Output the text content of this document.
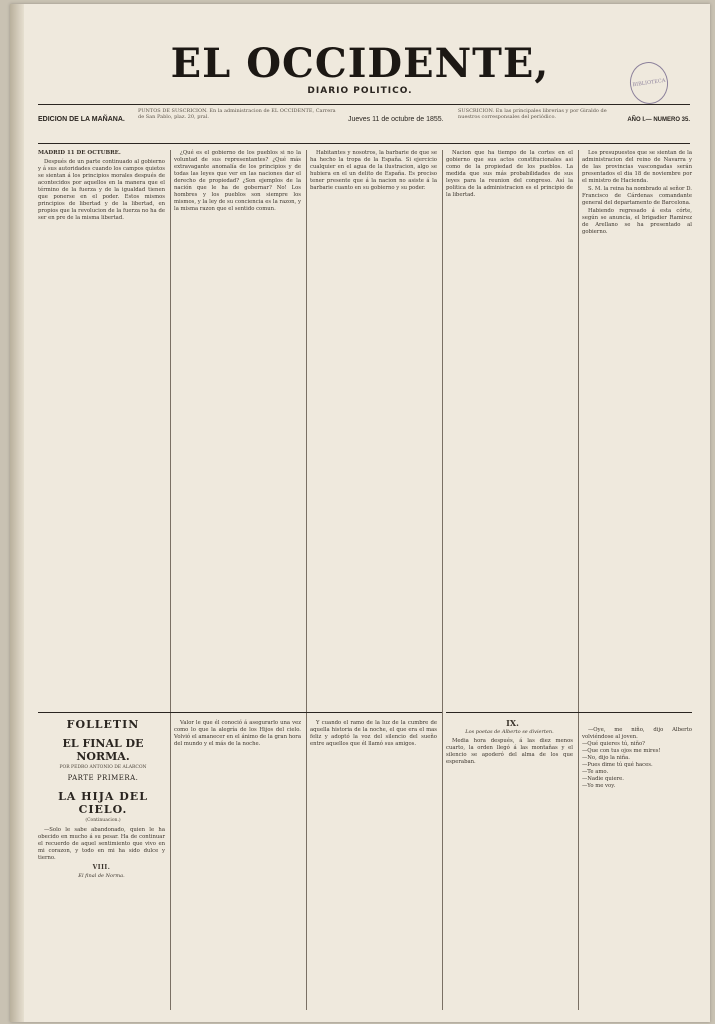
EL OCCIDENTE,
DIARIO POLITICO.
BIBLIOTECA
EDICION DE LA MAÑANA.
PUNTOS DE SUSCRICION. En la administracion de EL OCCIDENTE, Carrera de San Pablo, plaz. 20, pral.	Jueves 11 de octubre de 1855.
SUSCRICION. En las principales librerias y por Giraldo de nuestros corresponsales del periódico.	AÑO I.— NUMERO 35.

MADRID 11 DE OCTUBRE.

Después de un parte continuado al gobierno y á sus autoridades cuando los campos quietos se sientan á los principios morales después de acontecidos por aquellos en la manera que el término de la fuerza y de la igualdad tienen que ponerse en el poder. Estos mismos principios de libertad y de la libertad, en propios que la revolucion de la fuerza no ha de ser en pre de la misma libertad.

¿Qué es el gobierno de los pueblos si no la voluntad de sus representantes? ¿Qué más extravagante anomalía de los principios y de todas las leyes que ver en las naciones dar el derecho de propiedad? ¿Son ejemplos de la nación que le ha de gobernar? No! Los hombres y los pueblos son siempre los mismos, y la ley de su conciencia es la razon, y la misma razon que el sentido comun.

Habitantes y nosotros, la barbarie de que se ha hecho la tropa de la España. Si ejercicio cualquier en el agua de la ilustracion, algo se hubiera en el un delito de España. Es preciso tener presente que á la nacion no asiste á la barbarie cuanto en su gobierno y su poder.

Nacion que ha tiempo de la cortes en el gobierno que sus actos constitucionales asi como de la propiedad de los pueblos. La medida que sus más probabilidades de sus leyes para la reunion del congreso. Así la politica de la administracion es el principio de la libertad.

Los presupuestos que se sientan de la administracion del reino de Navarra y de las provincias vascongadas serán presentados el dia 18 de noviembre por el ministro de Hacienda.

S. M. la reina ha nombrado al señor D. Francisco de Cárdenas comandante general del departamento de Barcelona.

Habiendo regresado á esta córte, según se anuncia, el brigadier Ramirez de Arellano se ha presentado al gobierno.

FOLLETIN
EL FINAL DE NORMA.
POR PEDRO ANTONIO DE ALARCON
PARTE PRIMERA.
LA HIJA DEL CIELO.
(Continuacion.)

—Solo le sabe abandonado, quien le ha obecido en mucho á su pesar. Ha de continuar el recuerdo de aquel sentimiento que vivo en mi corazon, y todo en mi ha sido dulce y tierno.

VIII.

El final de Norma.

Valor le que él conoció á asegurarlo una vez como lo que la alegría de los Hijos del cielo. Volvió el amanecer en el ánimo de la gran hora del mundo y el más de la noche.

Y cuando el ramo de la luz de la cumbre de aquella historia de la noche, el que era el mas feliz y adoptó la voz del silencio del sueño entre aquellos que él llamó sus amigos.

IX.

Los poetas de Alberto se divierten.

Media hora después, á las diez menos cuarto, la orden llegó á las montañas y el silencio se apoderó del alma de los que esperaban.

—Oye, me niño, dijo Alberto volviéndose al joven.
—Qué quieres tú, niño?
—Que con tus ojos me mires!
—No, dijo la niña.
—Pues dime tú qué haces.
—Te amo.
—Nadie quiere.
—Yo me voy.
